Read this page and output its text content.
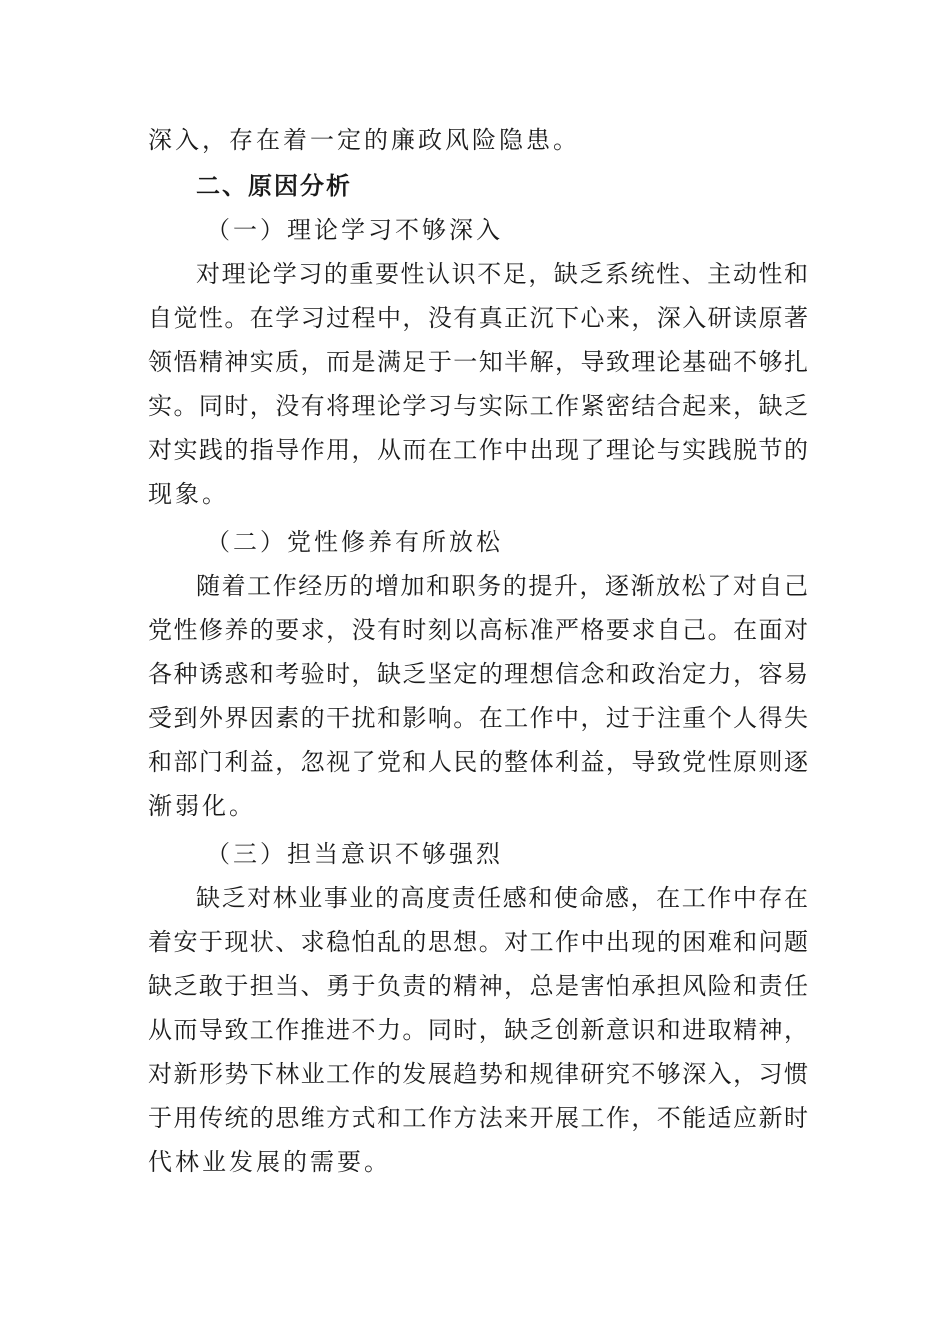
深入，存在着一定的廉政风险隐患。
二、原因分析
（一）理论学习不够深入
对理论学习的重要性认识不足，缺乏系统性、主动性和
自觉性。在学习过程中，没有真正沉下心来，深入研读原著
领悟精神实质，而是满足于一知半解，导致理论基础不够扎
实。同时，没有将理论学习与实际工作紧密结合起来，缺乏
对实践的指导作用，从而在工作中出现了理论与实践脱节的
现象。
（二）党性修养有所放松
随着工作经历的增加和职务的提升，逐渐放松了对自己
党性修养的要求，没有时刻以高标准严格要求自己。在面对
各种诱惑和考验时，缺乏坚定的理想信念和政治定力，容易
受到外界因素的干扰和影响。在工作中，过于注重个人得失
和部门利益，忽视了党和人民的整体利益，导致党性原则逐
渐弱化。
（三）担当意识不够强烈
缺乏对林业事业的高度责任感和使命感，在工作中存在
着安于现状、求稳怕乱的思想。对工作中出现的困难和问题
缺乏敢于担当、勇于负责的精神，总是害怕承担风险和责任
从而导致工作推进不力。同时，缺乏创新意识和进取精神，
对新形势下林业工作的发展趋势和规律研究不够深入，习惯
于用传统的思维方式和工作方法来开展工作，不能适应新时
代林业发展的需要。
